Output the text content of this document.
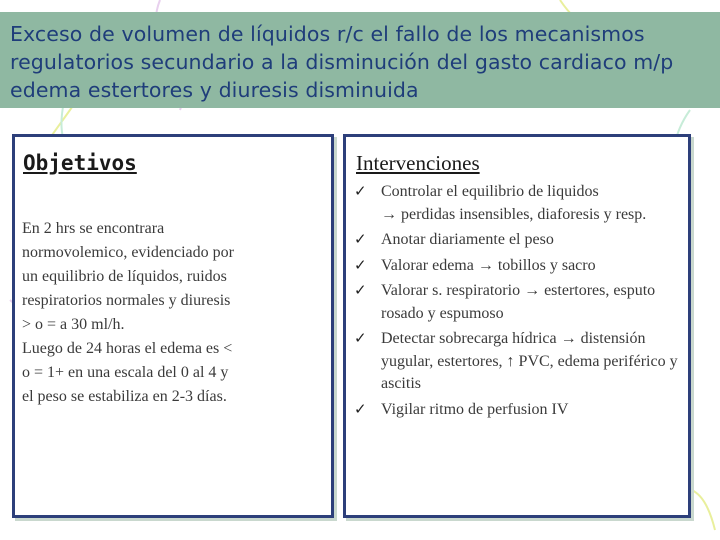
Exceso de volumen de líquidos r/c el fallo de los mecanismos
regulatorios secundario a la disminución del gasto cardiaco m/p
edema estertores y diuresis disminuida
Objetivos

En 2 hrs se encontrara normovolemico, evidenciado por un equilibrio de líquidos, ruidos respiratorios normales y diuresis > o = a 30 ml/h.

Luego de 24 horas el edema es < o = 1+ en una escala del 0 al 4 y el peso se estabiliza en 2-3 días.

Intervenciones
✓ Controlar el equilibrio de liquidos
→ perdidas insensibles, diaforesis y resp.
✓ Anotar diariamente el peso
✓ Valorar edema → tobillos y sacro
✓ Valorar s. respiratorio → estertores, esputo rosado y espumoso
✓ Detectar sobrecarga hídrica → distensión yugular, estertores, ↑ PVC, edema periférico y ascitis
✓ Vigilar ritmo de perfusion IV
